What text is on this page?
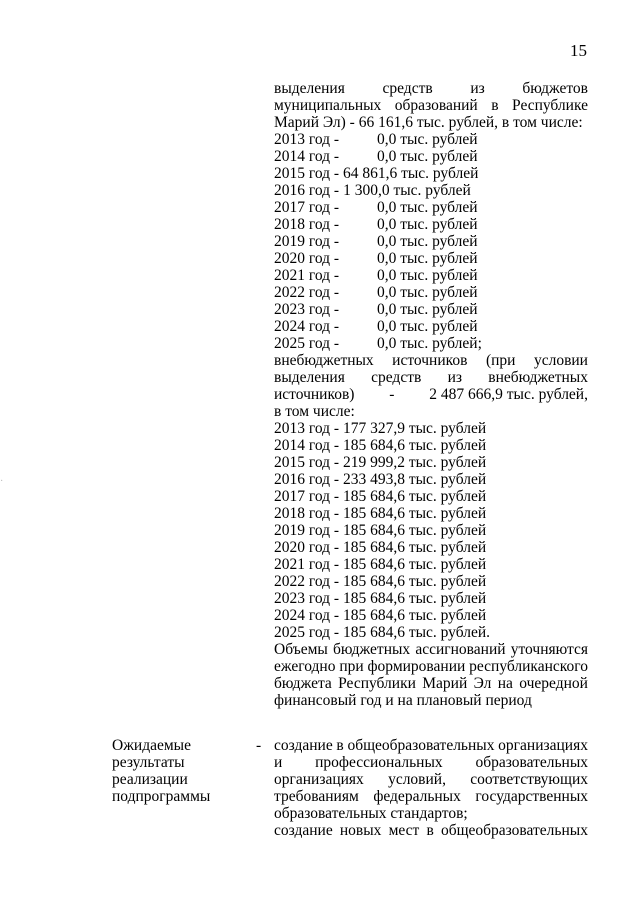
15
выделения средств из бюджетов
муниципальных образований в Республике
Марий Эл) - 66 161,6 тыс. рублей, в том числе:
2013 год -	0,0 тыс. рублей
2014 год -	0,0 тыс. рублей
2015 год - 64 861,6 тыс. рублей
2016 год - 1 300,0 тыс. рублей
2017 год -	0,0 тыс. рублей
2018 год -	0,0 тыс. рублей
2019 год -	0,0 тыс. рублей
2020 год -	0,0 тыс. рублей
2021 год -	0,0 тыс. рублей
2022 год -	0,0 тыс. рублей
2023 год -	0,0 тыс. рублей
2024 год -	0,0 тыс. рублей
2025 год -	0,0 тыс. рублей;
внебюджетных источников (при условии
выделения средств из внебюджетных
источников) - 2 487 666,9 тыс. рублей,
в том числе:
2013 год - 177 327,9 тыс. рублей
2014 год - 185 684,6 тыс. рублей
2015 год - 219 999,2 тыс. рублей
2016 год - 233 493,8 тыс. рублей
2017 год - 185 684,6 тыс. рублей
2018 год - 185 684,6 тыс. рублей
2019 год - 185 684,6 тыс. рублей
2020 год - 185 684,6 тыс. рублей
2021 год - 185 684,6 тыс. рублей
2022 год - 185 684,6 тыс. рублей
2023 год - 185 684,6 тыс. рублей
2024 год - 185 684,6 тыс. рублей
2025 год - 185 684,6 тыс. рублей.
Объемы бюджетных ассигнований уточняются
ежегодно при формировании республиканского
бюджета Республики Марий Эл на очередной
финансовый год и на плановый период
Ожидаемые
результаты
реализации
подпрограммы
- создание в общеобразовательных организациях
и профессиональных образовательных
организациях условий, соответствующих
требованиям федеральных государственных
образовательных стандартов;
создание новых мест в общеобразовательных
·
